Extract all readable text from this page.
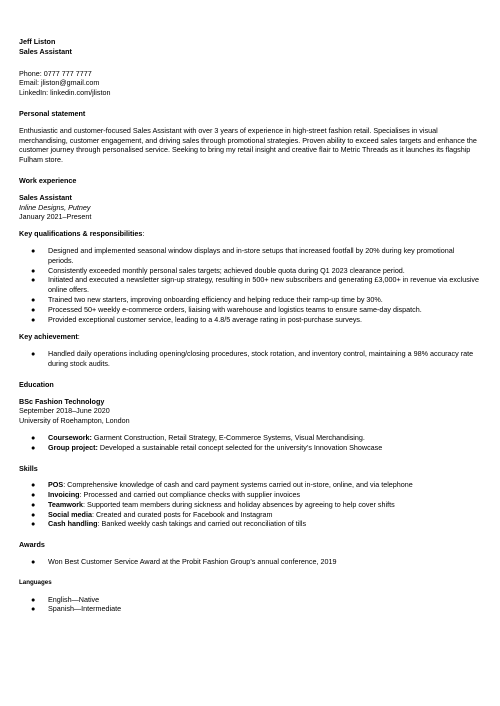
Jeff Liston
Sales Assistant
Phone: 0777 777 7777
Email: jliston@gmail.com
LinkedIn: linkedin.com/jliston
Personal statement

Enthusiastic and customer-focused Sales Assistant with over 3 years of experience in high-street fashion retail. Specialises in visual merchandising, customer engagement, and driving sales through promotional strategies. Proven ability to exceed sales targets and enhance the customer journey through personalised service. Seeking to bring my retail insight and creative flair to Metric Threads as it launches its flagship Fulham store.

Work experience
Sales Assistant
Inline Designs, Putney
January 2021–Present
Key qualifications & responsibilities:
● Designed and implemented seasonal window displays and in-store setups that increased footfall by 20% during key promotional periods.
● Consistently exceeded monthly personal sales targets; achieved double quota during Q1 2023 clearance period.
● Initiated and executed a newsletter sign-up strategy, resulting in 500+ new subscribers and generating £3,000+ in revenue via exclusive online offers.
● Trained two new starters, improving onboarding efficiency and helping reduce their ramp-up time by 30%.
● Processed 50+ weekly e-commerce orders, liaising with warehouse and logistics teams to ensure same-day dispatch.
● Provided exceptional customer service, leading to a 4.8/5 average rating in post-purchase surveys.
Key achievement:
● Handled daily operations including opening/closing procedures, stock rotation, and inventory control, maintaining a 98% accuracy rate during stock audits.
Education
BSc Fashion Technology
September 2018–June 2020
University of Roehampton, London
● Coursework: Garment Construction, Retail Strategy, E-Commerce Systems, Visual Merchandising.
● Group project: Developed a sustainable retail concept selected for the university’s Innovation Showcase
Skills
● POS: Comprehensive knowledge of cash and card payment systems carried out in-store, online, and via telephone
● Invoicing: Processed and carried out compliance checks with supplier invoices
● Teamwork: Supported team members during sickness and holiday absences by agreeing to help cover shifts
● Social media: Created and curated posts for Facebook and Instagram
● Cash handling: Banked weekly cash takings and carried out reconciliation of tills
Awards
● Won Best Customer Service Award at the Probit Fashion Group’s annual conference, 2019
Languages
● English—Native
● Spanish—Intermediate
